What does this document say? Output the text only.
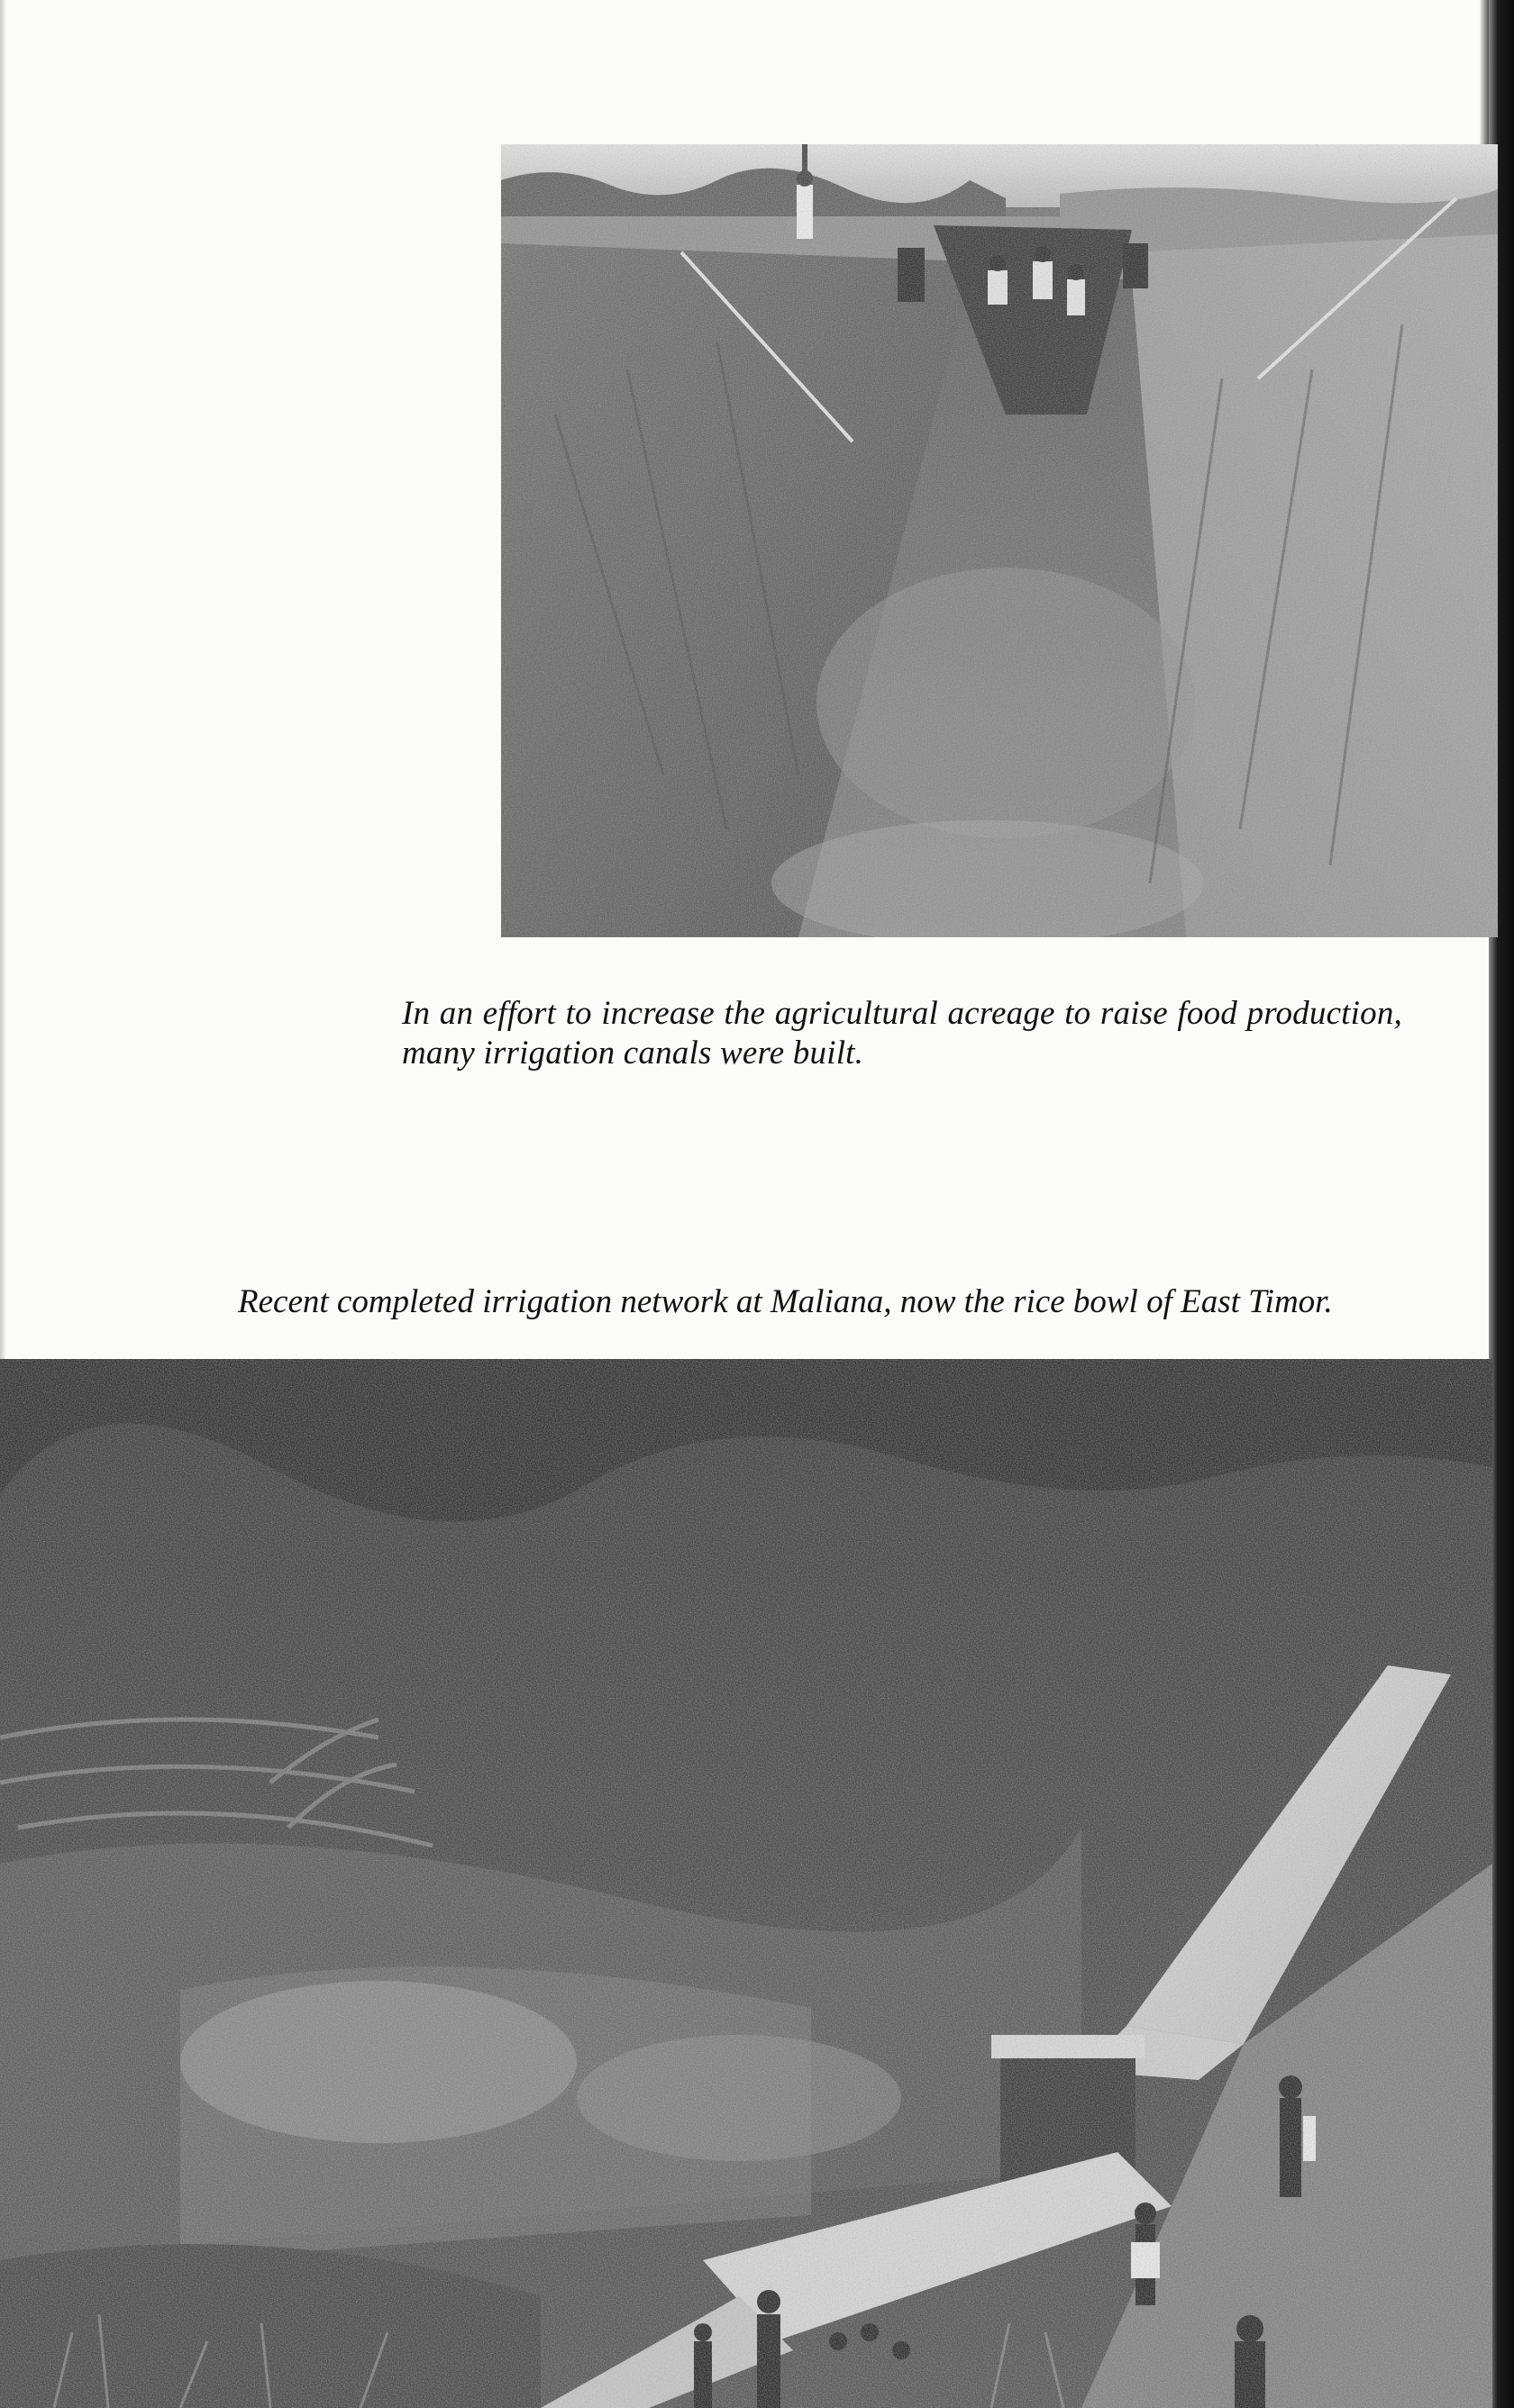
In an effort to increase the agricultural acreage to raise food production, many irrigation canals were built.

Recent completed irrigation network at Maliana, now the rice bowl of East Timor.
